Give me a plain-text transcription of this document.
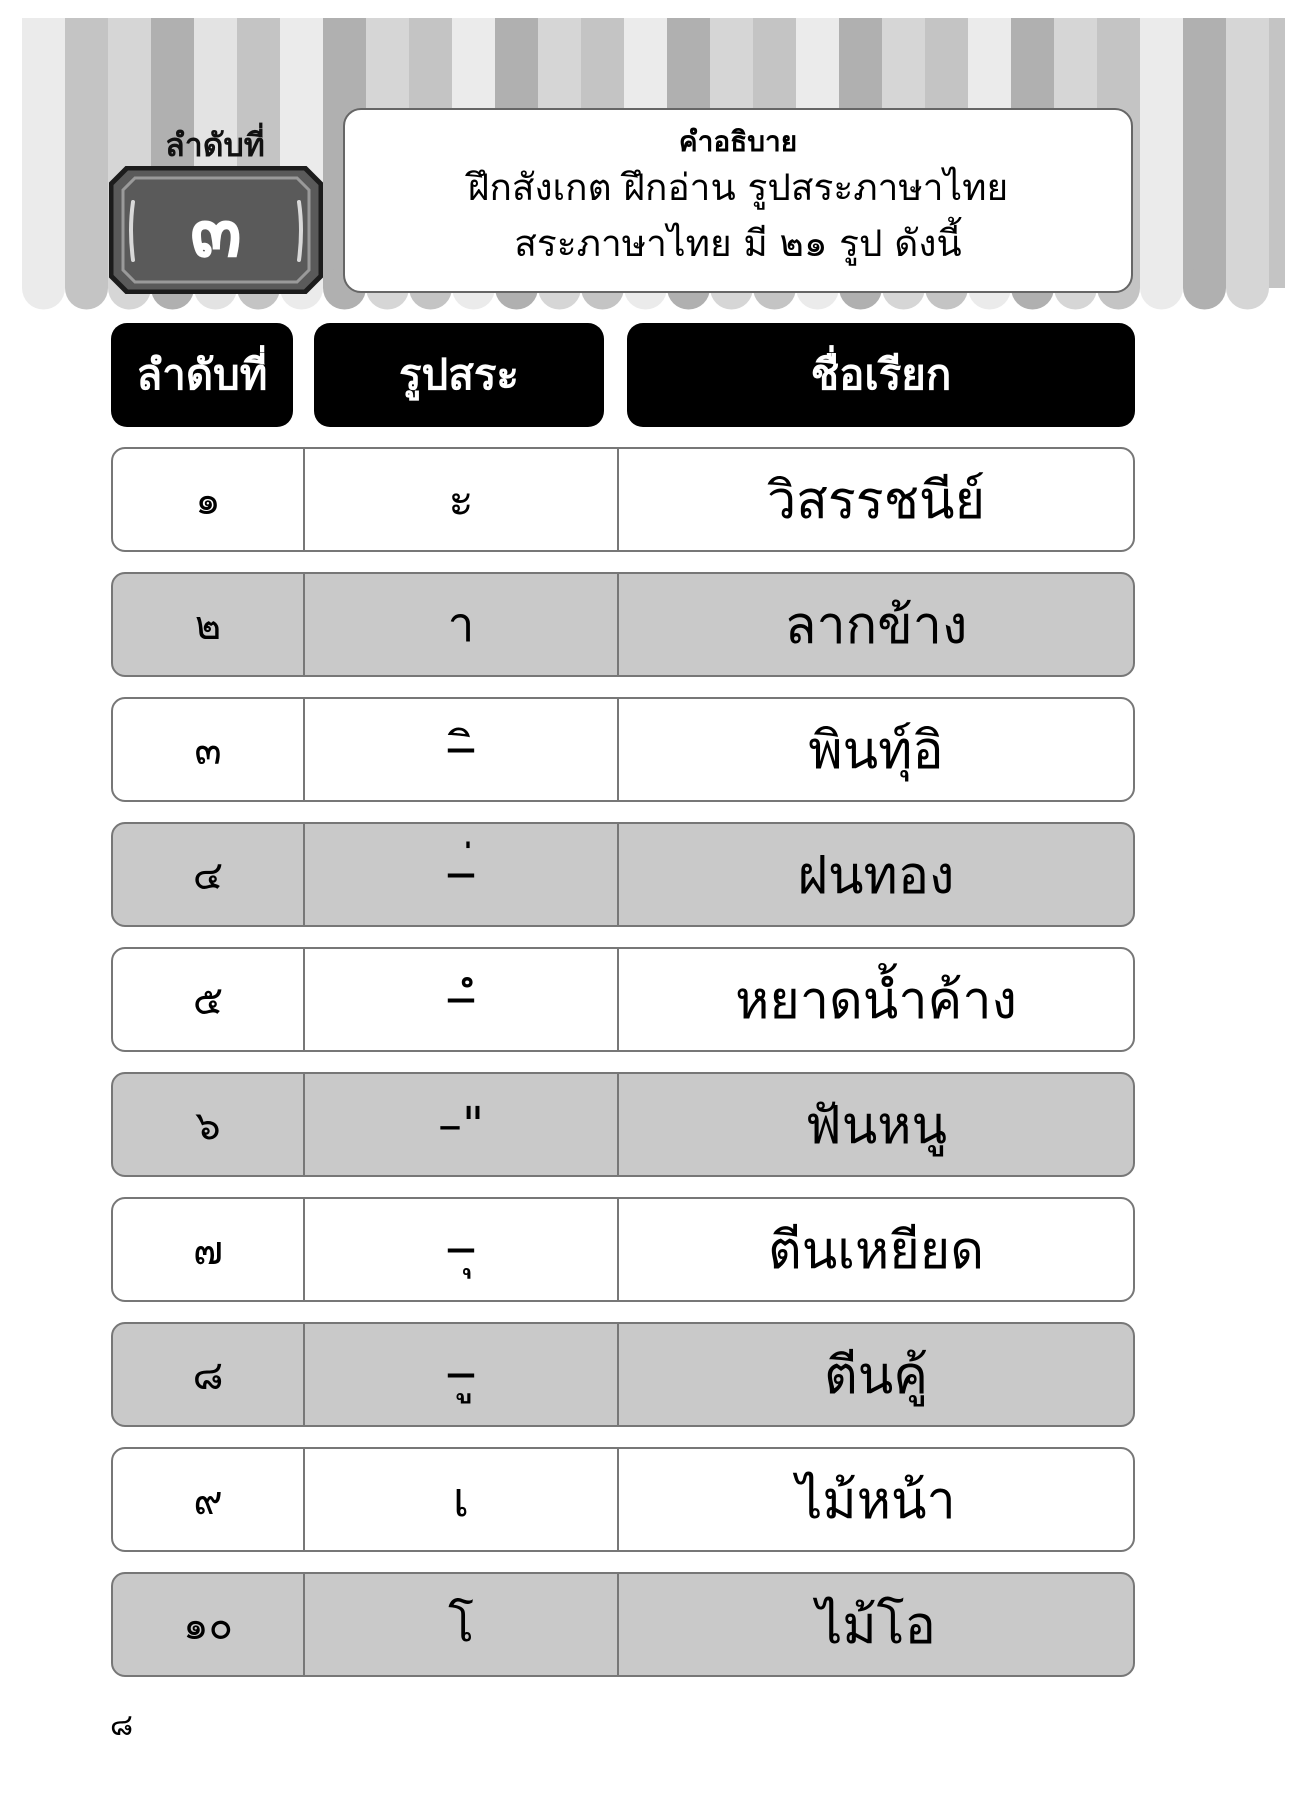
ลำดับที่
๓
คำอธิบาย
ฝึกสังเกต ฝึกอ่าน รูปสระภาษาไทย
สระภาษาไทย มี ๒๑ รูป ดังนี้
ลำดับที่	รูปสระ	ชื่อเรียก
๑	ะ	วิสรรชนีย์
๒	า	ลากข้าง
๓	–ิ	พินทุ์อิ
๔	–่	ฝนทอง
๕	–ํ	หยาดน้ำค้าง
๖	–"	ฟันหนู
๗	–ุ	ตีนเหยียด
๘	–ู	ตีนคู้
๙	เ	ไม้หน้า
๑๐	โ	ไม้โอ
๘
